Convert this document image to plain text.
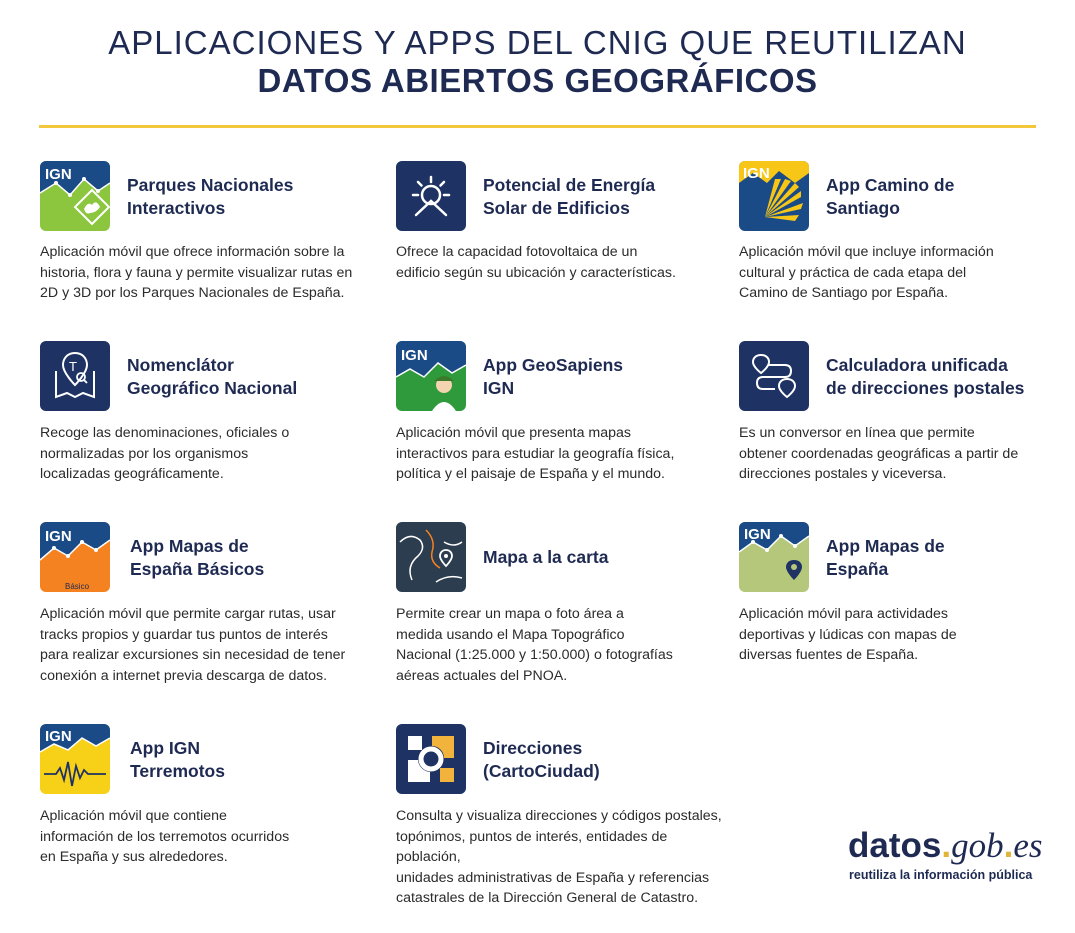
APLICACIONES Y APPS DEL CNIG QUE REUTILIZAN
DATOS ABIERTOS GEOGRÁFICOS
IGN
Parques Nacionales
Interactivos
Aplicación móvil que ofrece información sobre la
historia, flora y fauna y permite visualizar rutas en
2D y 3D por los Parques Nacionales de España.
Potencial de Energía
Solar de Edificios
Ofrece la capacidad fotovoltaica de un
edificio según su ubicación y características.
IGN
App Camino de
Santiago
Aplicación móvil que incluye información
cultural y práctica de cada etapa del
Camino de Santiago por España.
T	Nomenclátor
Geográfico Nacional
Recoge las denominaciones, oficiales o
normalizadas por los organismos
localizadas geográficamente.
IGN	App GeoSapiens
IGN
Aplicación móvil que presenta mapas
interactivos para estudiar la geografía física,
política y el paisaje de España y el mundo.
Calculadora unificada
de direcciones postales
Es un conversor en línea que permite
obtener coordenadas geográficas a partir de
direcciones postales y viceversa.
IGN
Básico
App Mapas de
España Básicos
Aplicación móvil que permite cargar rutas, usar
tracks propios y guardar tus puntos de interés
para realizar excursiones sin necesidad de tener
conexión a internet previa descarga de datos.
Mapa a la carta
Permite crear un mapa o foto área a
medida usando el Mapa Topográfico
Nacional (1:25.000 y 1:50.000) o fotografías
aéreas actuales del PNOA.
IGN
App Mapas de
España
Aplicación móvil para actividades
deportivas y lúdicas con mapas de
diversas fuentes de España.
IGN
App IGN
Terremotos
Aplicación móvil que contiene
información de los terremotos ocurridos
en España y sus alrededores.
Direcciones
(CartoCiudad)
Consulta y visualiza direcciones y códigos postales,
topónimos, puntos de interés, entidades de población,
unidades administrativas de España y referencias
catastrales de la Dirección General de Catastro.
datos.gob.es
reutiliza la información pública
